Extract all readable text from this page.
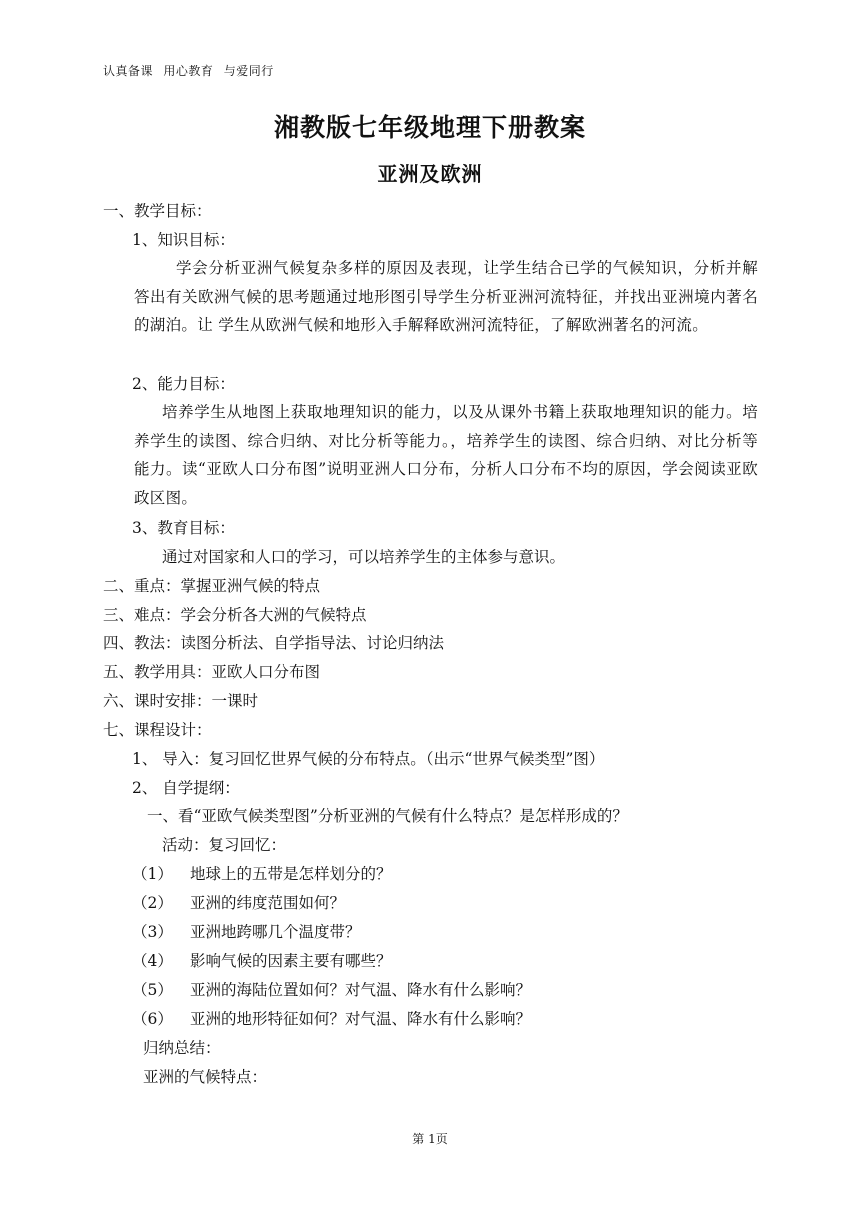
认真备课 用心教育 与爱同行
湘教版七年级地理下册教案
亚洲及欧洲
一、教学目标：
1、知识目标：
学会分析亚洲气候复杂多样的原因及表现，让学生结合已学的气候知识，分析并解答出有关欧洲气候的思考题通过地形图引导学生分析亚洲河流特征，并找出亚洲境内著名的湖泊。让 学生从欧洲气候和地形入手解释欧洲河流特征，了解欧洲著名的河流。
2、能力目标：
培养学生从地图上获取地理知识的能力，以及从课外书籍上获取地理知识的能力。培养学生的读图、综合归纳、对比分析等能力。，培养学生的读图、综合归纳、对比分析等能力。读“亚欧人口分布图”说明亚洲人口分布，分析人口分布不均的原因，学会阅读亚欧政区图。
3、教育目标：
通过对国家和人口的学习，可以培养学生的主体参与意识。
二、重点：掌握亚洲气候的特点
三、难点：学会分析各大洲的气候特点
四、教法：读图分析法、自学指导法、讨论归纳法
五、教学用具：亚欧人口分布图
六、课时安排：一课时
七、课程设计：
1、 导入：复习回忆世界气候的分布特点。（出示“世界气候类型”图）
2、 自学提纲：
一、看“亚欧气候类型图”分析亚洲的气候有什么特点？是怎样形成的？
活动：复习回忆：
（1） 地球上的五带是怎样划分的？
（2） 亚洲的纬度范围如何？
（3） 亚洲地跨哪几个温度带？
（4） 影响气候的因素主要有哪些？
（5） 亚洲的海陆位置如何？对气温、降水有什么影响？
（6） 亚洲的地形特征如何？对气温、降水有什么影响？
归纳总结：
亚洲的气候特点：
第 1页
